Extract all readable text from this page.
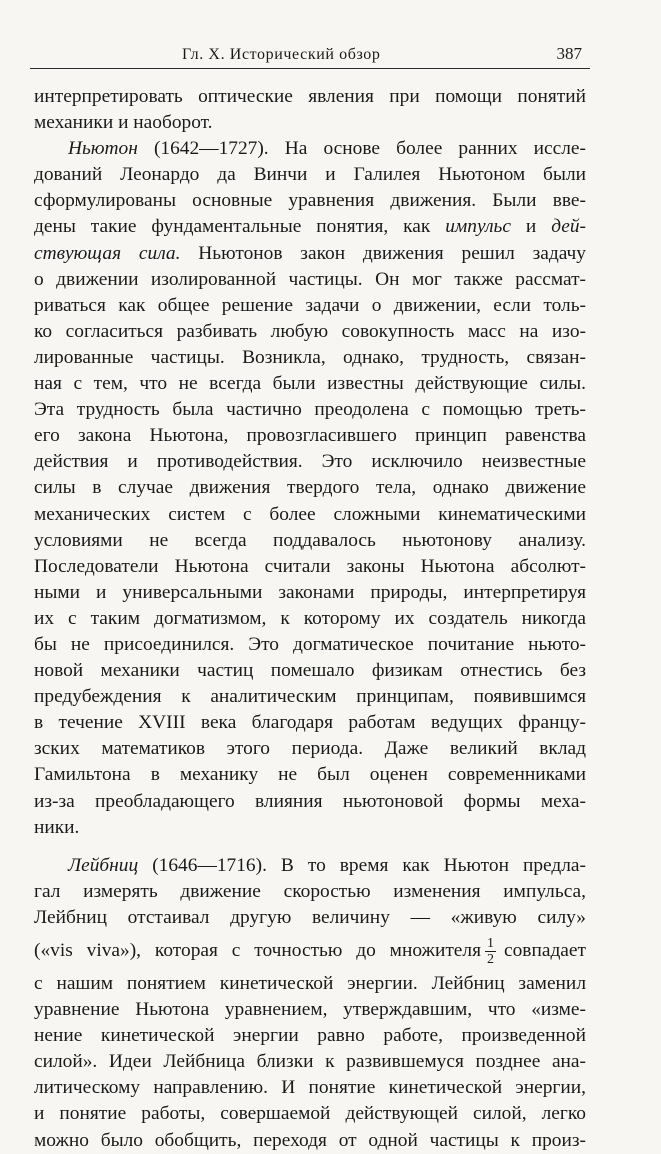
Гл. X. Исторический обзор	387
интерпретировать оптические явления при помощи понятий
механики и наоборот.
Ньютон (1642—1727). На основе более ранних иссле-
дований Леонардо да Винчи и Галилея Ньютоном были
сформулированы основные уравнения движения. Были вве-
дены такие фундаментальные понятия, как импульс и дей-
ствующая сила. Ньютонов закон движения решил задачу
о движении изолированной частицы. Он мог также рассмат-
риваться как общее решение задачи о движении, если толь-
ко согласиться разбивать любую совокупность масс на изо-
лированные частицы. Возникла, однако, трудность, связан-
ная с тем, что не всегда были известны действующие силы.
Эта трудность была частично преодолена с помощью треть-
его закона Ньютона, провозгласившего принцип равенства
действия и противодействия. Это исключило неизвестные
силы в случае движения твердого тела, однако движение
механических систем с более сложными кинематическими
условиями не всегда поддавалось ньютонову анализу.
Последователи Ньютона считали законы Ньютона абсолют-
ными и универсальными законами природы, интерпретируя
их с таким догматизмом, к которому их создатель никогда
бы не присоединился. Это догматическое почитание ньюто-
новой механики частиц помешало физикам отнестись без
предубеждения к аналитическим принципам, появившимся
в течение XVIII века благодаря работам ведущих францу-
зских математиков этого периода. Даже великий вклад
Гамильтона в механику не был оценен современниками
из-за преобладающего влияния ньютоновой формы меха-
ники.
Лейбниц (1646—1716). В то время как Ньютон предла-
гал измерять движение скоростью изменения импульса,
Лейбниц отстаивал другую величину — «живую силу»
(«vis viva»), которая с точностью до множителя $\frac{1}{2}$ совпадает
с нашим понятием кинетической энергии. Лейбниц заменил
уравнение Ньютона уравнением, утверждавшим, что «изме-
нение кинетической энергии равно работе, произведенной
силой». Идеи Лейбница близки к развившемуся позднее ана-
литическому направлению. И понятие кинетической энергии,
и понятие работы, совершаемой действующей силой, легко
можно было обобщить, переходя от одной частицы к произ-
